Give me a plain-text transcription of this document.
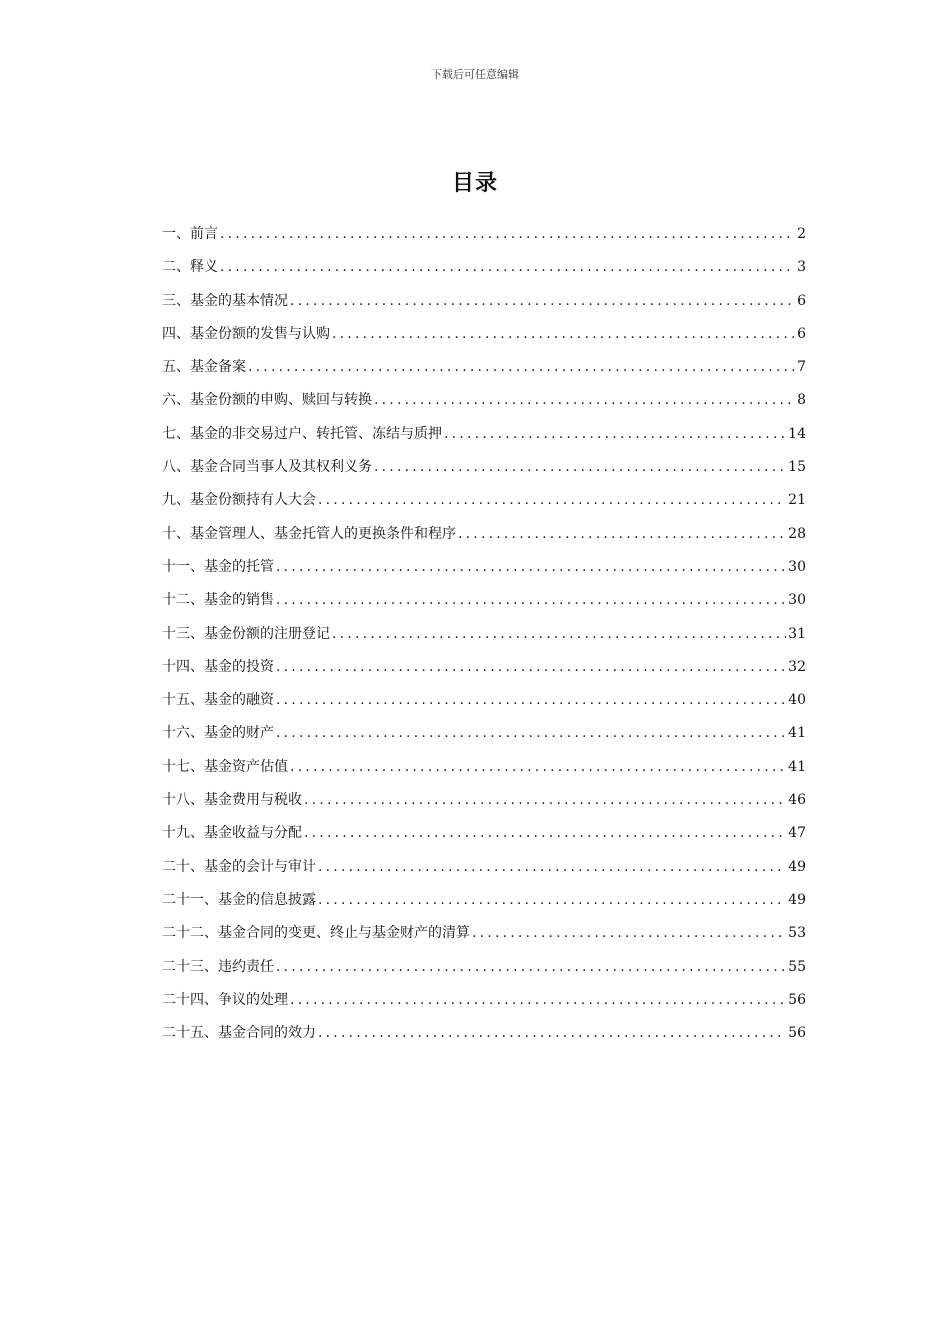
下载后可任意编辑
目录
一、前言 .....	2
二、释义 .....	3
三、基金的基本情况 .....	6
四、基金份额的发售与认购 .....	6
五、基金备案 .....	7
六、基金份额的申购、赎回与转换 .....	8
七、基金的非交易过户、转托管、冻结与质押 .....	14
八、基金合同当事人及其权利义务 .....	15
九、基金份额持有人大会 .....	21
十、基金管理人、基金托管人的更换条件和程序 .....	28
十一、基金的托管 .....	30
十二、基金的销售 .....	30
十三、基金份额的注册登记 .....	31
十四、基金的投资 .....	32
十五、基金的融资 .....	40
十六、基金的财产 .....	41
十七、基金资产估值 .....	41
十八、基金费用与税收 .....	46
十九、基金收益与分配 .....	47
二十、基金的会计与审计 .....	49
二十一、基金的信息披露 .....	49
二十二、基金合同的变更、终止与基金财产的清算 .....	53
二十三、违约责任 .....	55
二十四、争议的处理 .....	56
二十五、基金合同的效力 .....	56
